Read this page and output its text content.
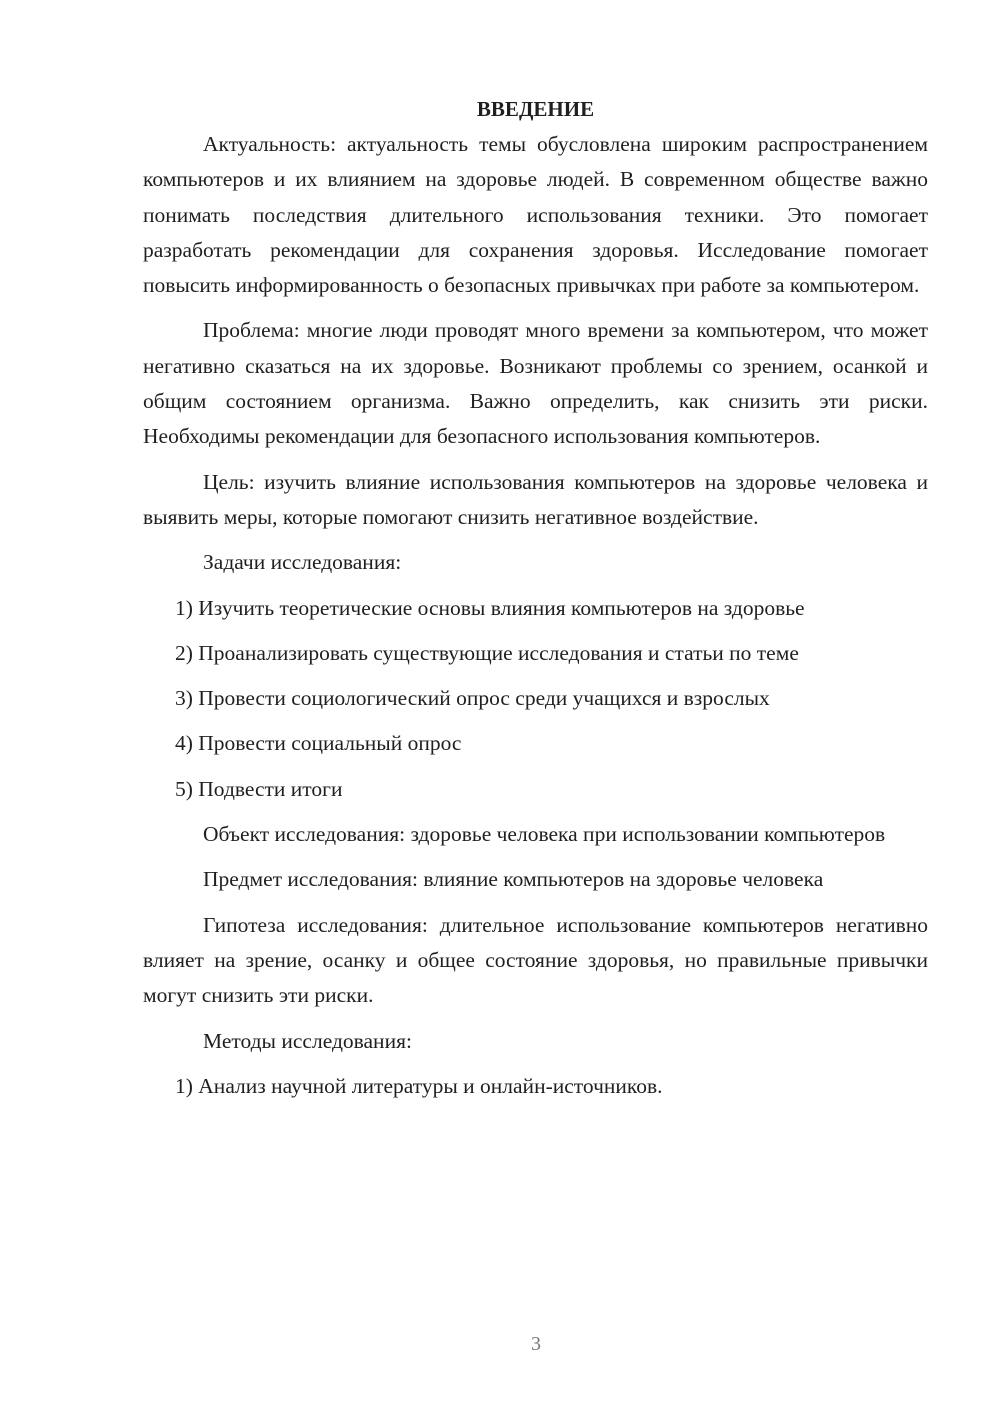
ВВЕДЕНИЕ

Актуальность: актуальность темы обусловлена широким распространением компьютеров и их влиянием на здоровье людей. В современном обществе важно понимать последствия длительного использования техники. Это помогает разработать рекомендации для сохранения здоровья. Исследование помогает повысить информированность о безопасных привычках при работе за компьютером.

Проблема: многие люди проводят много времени за компьютером, что может негативно сказаться на их здоровье. Возникают проблемы со зрением, осанкой и общим состоянием организма. Важно определить, как снизить эти риски. Необходимы рекомендации для безопасного использования компьютеров.

Цель: изучить влияние использования компьютеров на здоровье человека и выявить меры, которые помогают снизить негативное воздействие.

Задачи исследования:

1) Изучить теоретические основы влияния компьютеров на здоровье

2) Проанализировать существующие исследования и статьи по теме

3) Провести социологический опрос среди учащихся и взрослых

4) Провести социальный опрос

5) Подвести итоги

Объект исследования: здоровье человека при использовании компьютеров

Предмет исследования: влияние компьютеров на здоровье человека

Гипотеза исследования: длительное использование компьютеров негативно влияет на зрение, осанку и общее состояние здоровья, но правильные привычки могут снизить эти риски.

Методы исследования:

1) Анализ научной литературы и онлайн-источников.

3
